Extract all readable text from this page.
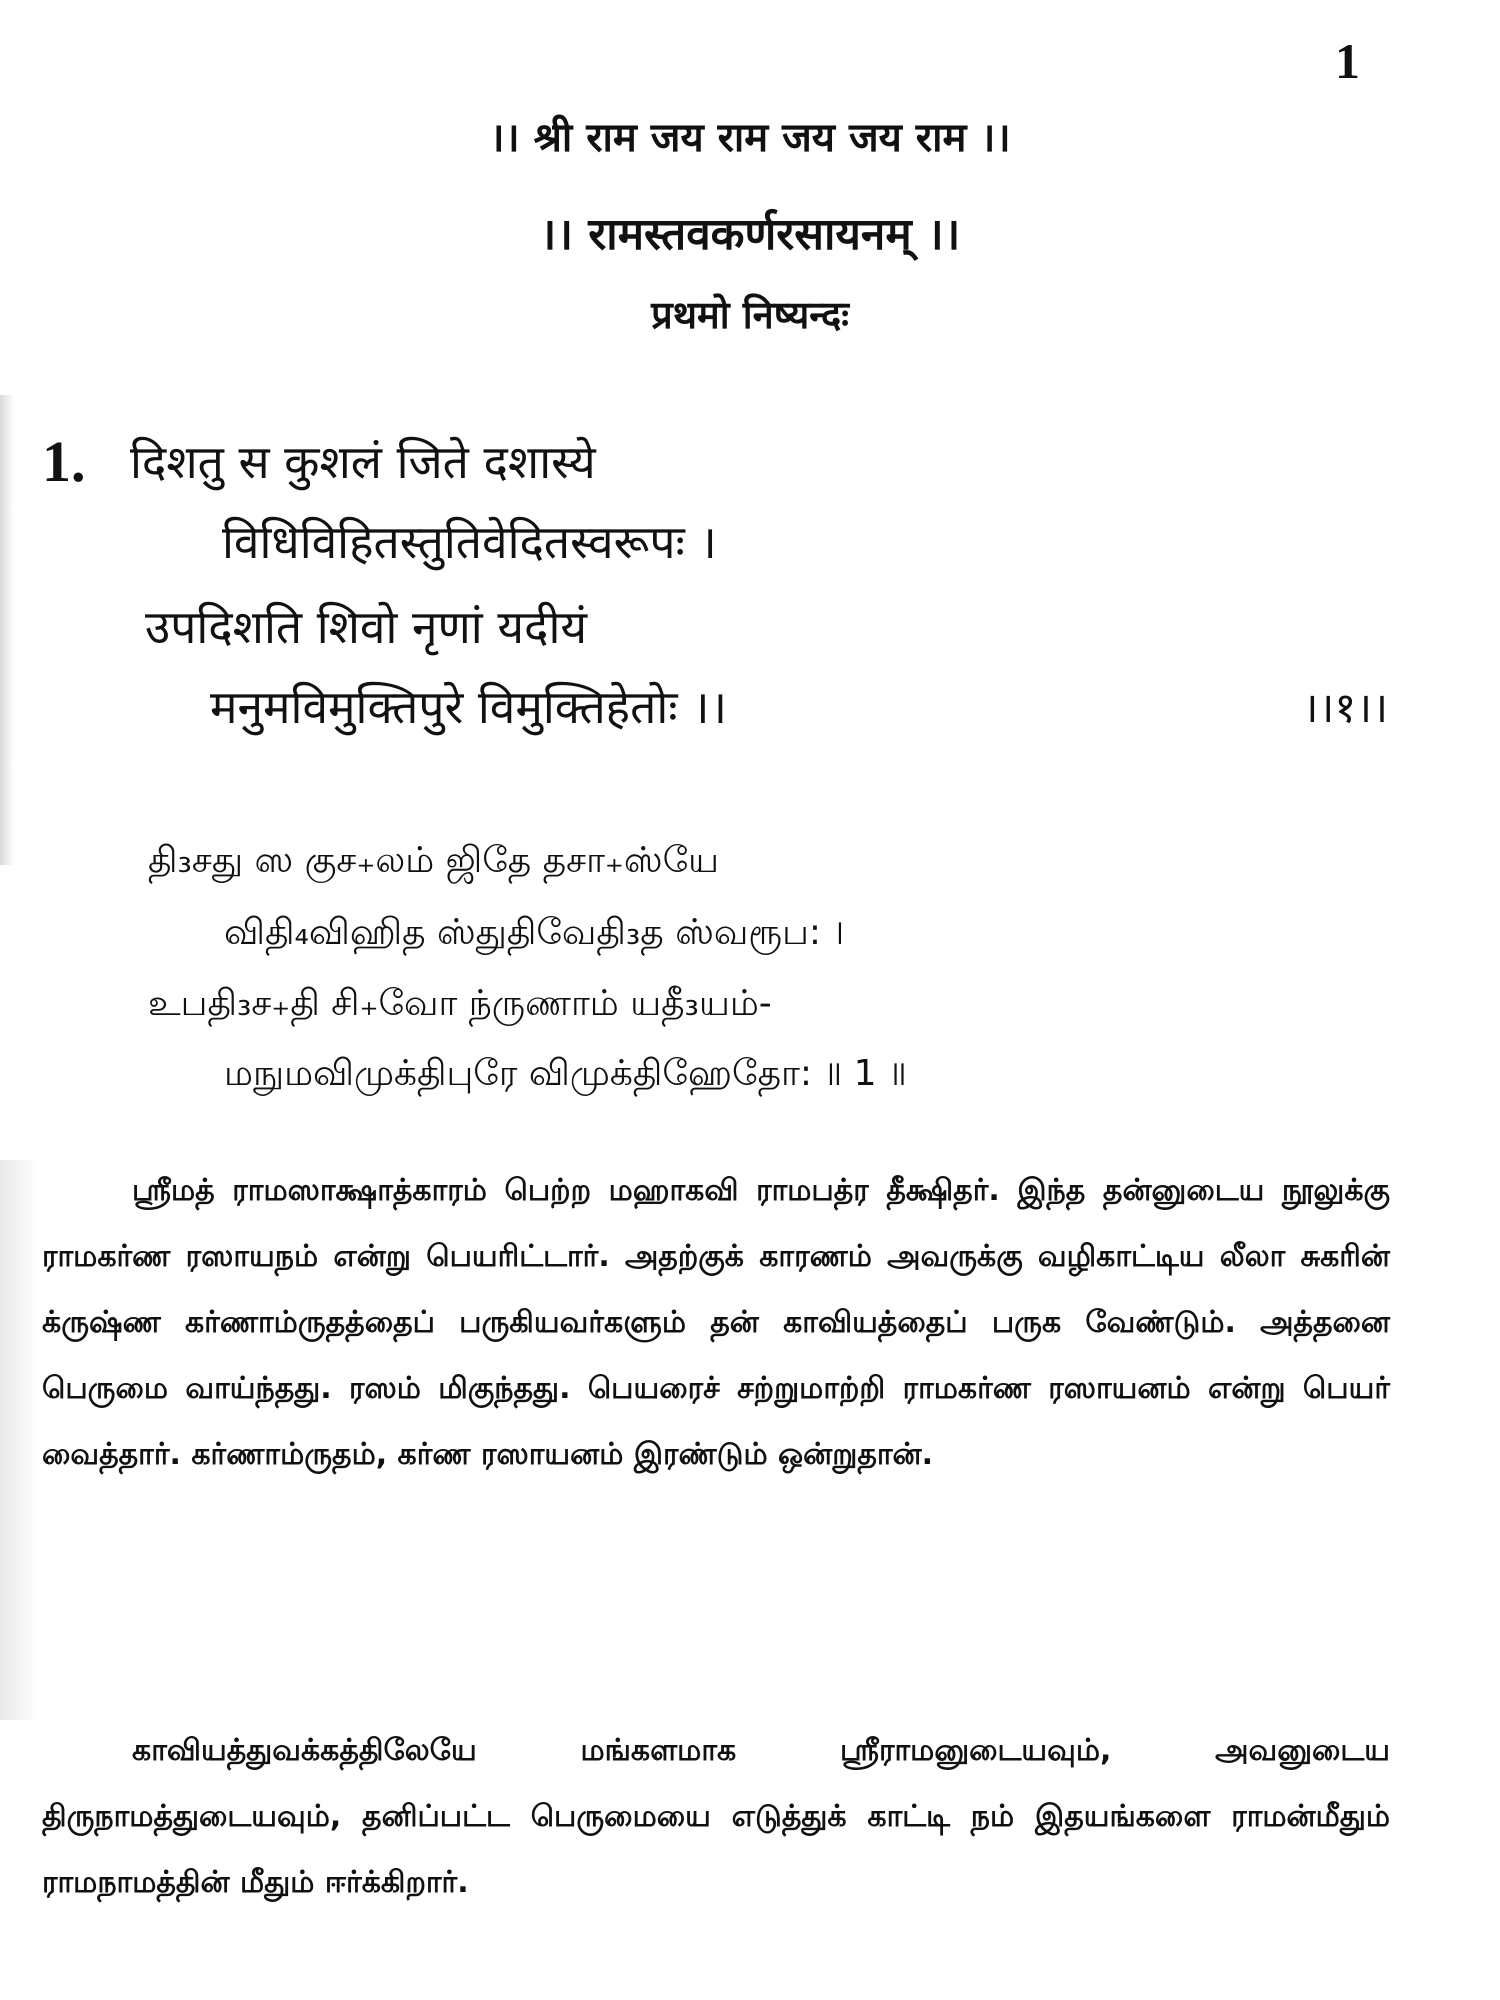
1
।। श्री राम जय राम जय जय राम ।।
।। रामस्तवकर्णरसायनम् ।।
प्रथमो निष्यन्दः
1. दिशतु स कुशलं जिते दशास्ये
विधिविहितस्तुतिवेदितस्वरूपः ।
उपदिशति शिवो नृणां यदीयं
मनुमविमुक्तिपुरे विमुक्तिहेतोः ।।	।।१।।
தி₃சது ஸ குச₊லம் ஜிதே தசா₊ஸ்யே
விதி₄விஹித ஸ்துதிவேதி₃த ஸ்வரூப: ।
உபதி₃ச₊தி சி₊வோ ந்ருணாம் யதீ₃யம்-
மநுமவிமுக்திபுரே விமுக்திஹேதோ: ॥ 1 ॥

ஸ்ரீமத் ராமஸாக்ஷாத்காரம் பெற்ற மஹாகவி ராமபத்ர தீக்ஷிதர். இந்த தன்னுடைய நூலுக்கு ராமகர்ண ரஸாயநம் என்று பெயரிட்டார். அதற்குக் காரணம் அவருக்கு வழிகாட்டிய லீலா சுகரின் க்ருஷ்ண கர்ணாம்ருதத்தைப் பருகியவர்களும் தன் காவியத்தைப் பருக வேண்டும். அத்தனை பெருமை வாய்ந்தது. ரஸம் மிகுந்தது. பெயரைச் சற்றுமாற்றி ராமகர்ண ரஸாயனம் என்று பெயர் வைத்தார். கர்ணாம்ருதம், கர்ண ரஸாயனம் இரண்டும் ஒன்றுதான்.

காவியத்துவக்கத்திலேயே மங்களமாக ஸ்ரீராமனுடையவும், அவனுடைய திருநாமத்துடையவும், தனிப்பட்ட பெருமையை எடுத்துக் காட்டி நம் இதயங்களை ராமன்மீதும் ராமநாமத்தின் மீதும் ஈர்க்கிறார்.
